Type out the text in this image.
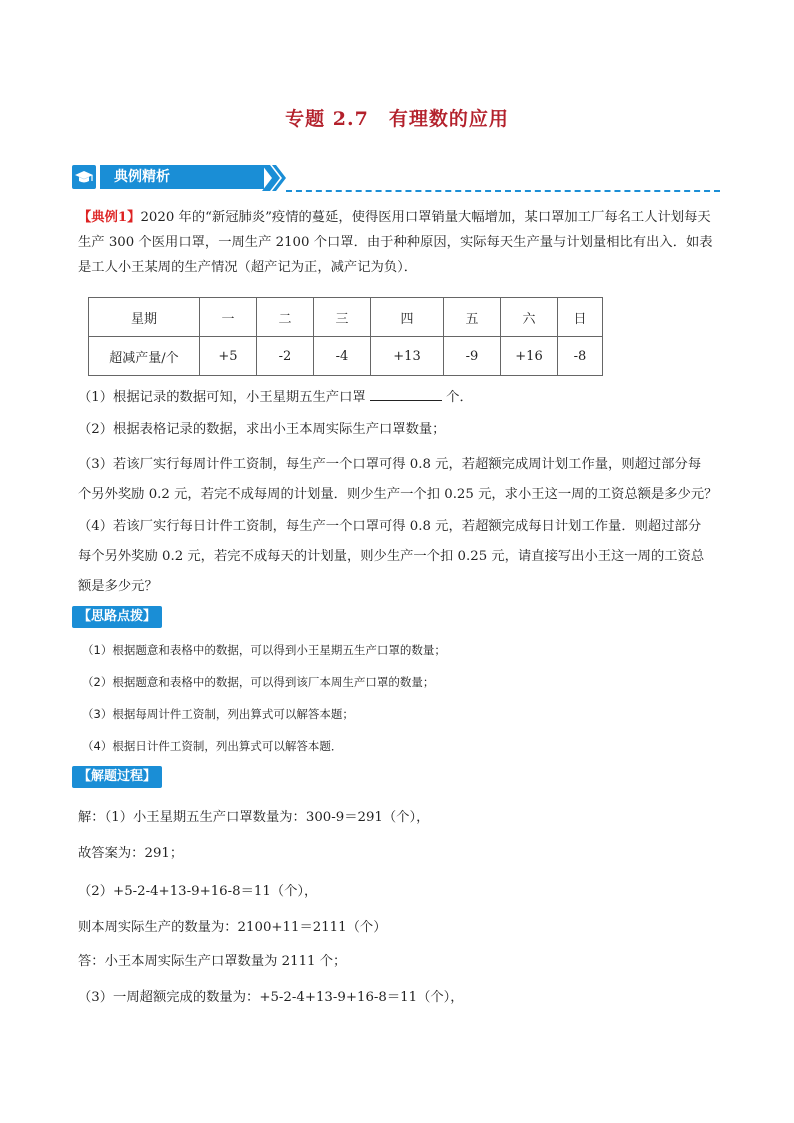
专题 2.7　有理数的应用
典例精析
【典例1】2020 年的“新冠肺炎”疫情的蔓延，使得医用口罩销量大幅增加，某口罩加工厂每名工人计划每天
生产 300 个医用口罩，一周生产 2100 个口罩．由于种种原因，实际每天生产量与计划量相比有出入．如表
是工人小王某周的生产情况（超产记为正，减产记为负）．
星期	一	二	三	四	五	六	日
超减产量/个	+5	-2	-4	+13	-9	+16	-8
（1）根据记录的数据可知，小王星期五生产口罩	个．
（2）根据表格记录的数据，求出小王本周实际生产口罩数量；
（3）若该厂实行每周计件工资制，每生产一个口罩可得 0.8 元，若超额完成周计划工作量，则超过部分每
个另外奖励 0.2 元，若完不成每周的计划量．则少生产一个扣 0.25 元，求小王这一周的工资总额是多少元？
（4）若该厂实行每日计件工资制，每生产一个口罩可得 0.8 元，若超额完成每日计划工作量．则超过部分
每个另外奖励 0.2 元，若完不成每天的计划量，则少生产一个扣 0.25 元，请直接写出小王这一周的工资总
额是多少元？
【思路点拨】
（1）根据题意和表格中的数据，可以得到小王星期五生产口罩的数量；
（2）根据题意和表格中的数据，可以得到该厂本周生产口罩的数量；
（3）根据每周计件工资制，列出算式可以解答本题；
（4）根据日计件工资制，列出算式可以解答本题．
【解题过程】
解：（1）小王星期五生产口罩数量为：300-9＝291（个），
故答案为：291；
（2）+5-2-4+13-9+16-8＝11（个），
则本周实际生产的数量为：2100+11＝2111（个）
答：小王本周实际生产口罩数量为 2111 个；
（3）一周超额完成的数量为：+5-2-4+13-9+16-8＝11（个），
